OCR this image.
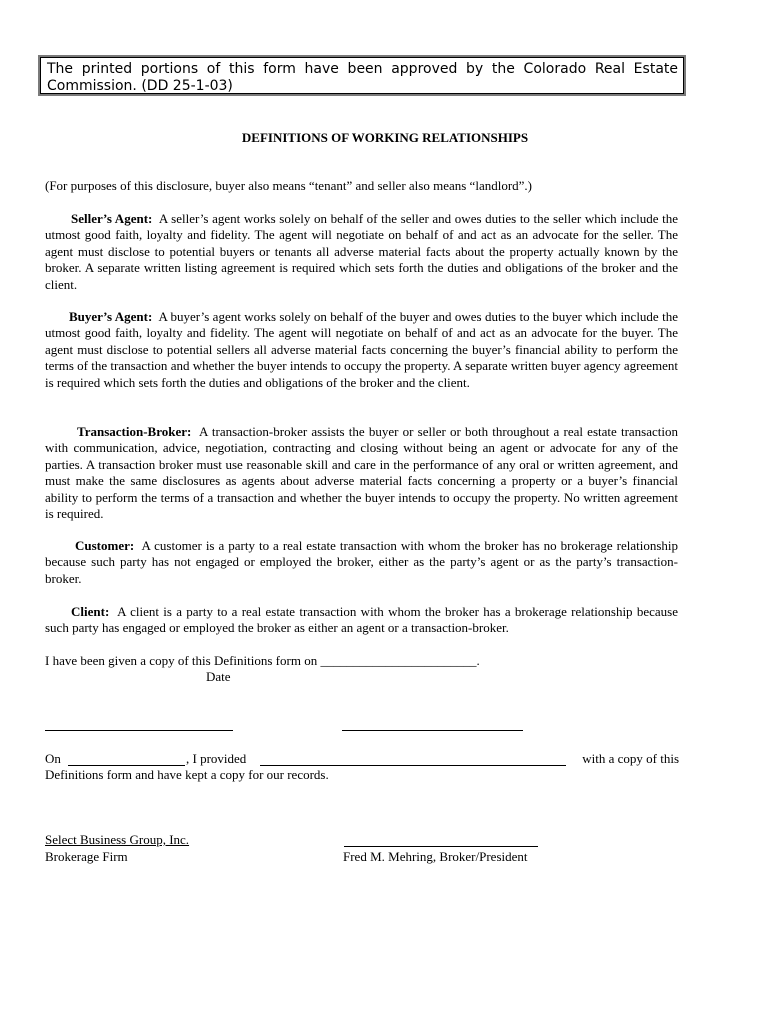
The printed portions of this form have been approved by the Colorado Real Estate Commission. (DD 25-1-03)
DEFINITIONS OF WORKING RELATIONSHIPS
(For purposes of this disclosure, buyer also means “tenant” and seller also means “landlord”.)
Seller’s Agent: A seller’s agent works solely on behalf of the seller and owes duties to the seller which include the utmost good faith, loyalty and fidelity. The agent will negotiate on behalf of and act as an advocate for the seller. The agent must disclose to potential buyers or tenants all adverse material facts about the property actually known by the broker. A separate written listing agreement is required which sets forth the duties and obligations of the broker and the client.
Buyer’s Agent: A buyer’s agent works solely on behalf of the buyer and owes duties to the buyer which include the utmost good faith, loyalty and fidelity. The agent will negotiate on behalf of and act as an advocate for the buyer. The agent must disclose to potential sellers all adverse material facts concerning the buyer’s financial ability to perform the terms of the transaction and whether the buyer intends to occupy the property. A separate written buyer agency agreement is required which sets forth the duties and obligations of the broker and the client.
Transaction-Broker: A transaction-broker assists the buyer or seller or both throughout a real estate transaction with communication, advice, negotiation, contracting and closing without being an agent or advocate for any of the parties. A transaction broker must use reasonable skill and care in the performance of any oral or written agreement, and must make the same disclosures as agents about adverse material facts concerning a property or a buyer’s financial ability to perform the terms of a transaction and whether the buyer intends to occupy the property. No written agreement is required.
Customer: A customer is a party to a real estate transaction with whom the broker has no brokerage relationship because such party has not engaged or employed the broker, either as the party’s agent or as the party’s transaction-broker.
Client: A client is a party to a real estate transaction with whom the broker has a brokerage relationship because such party has engaged or employed the broker as either an agent or a transaction-broker.
I have been given a copy of this Definitions form on ________________________.
Date
On	, I provided	with a copy of this
Definitions form and have kept a copy for our records.
Select Business Group, Inc.
Brokerage Firm	Fred M. Mehring, Broker/President
